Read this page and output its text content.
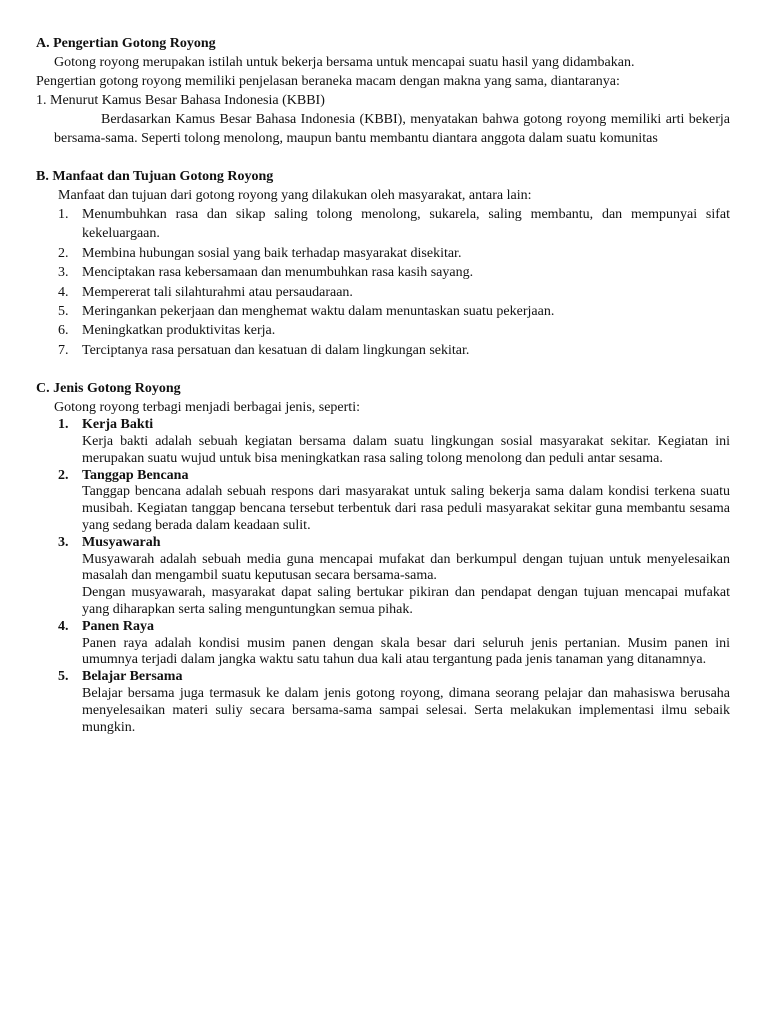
A. Pengertian Gotong Royong

Gotong royong merupakan istilah untuk bekerja bersama untuk mencapai suatu hasil yang didambakan.

Pengertian gotong royong memiliki penjelasan beraneka macam dengan makna yang sama, diantaranya:

1. Menurut Kamus Besar Bahasa Indonesia (KBBI)

Berdasarkan Kamus Besar Bahasa Indonesia (KBBI), menyatakan bahwa gotong royong memiliki arti bekerja bersama-sama. Seperti tolong menolong, maupun bantu membantu diantara anggota dalam suatu komunitas

B. Manfaat dan Tujuan Gotong Royong

Manfaat dan tujuan dari gotong royong yang dilakukan oleh masyarakat, antara lain:

1. Menumbuhkan rasa dan sikap saling tolong menolong, sukarela, saling membantu, dan mempunyai sifat kekeluargaan.
2. Membina hubungan sosial yang baik terhadap masyarakat disekitar.
3. Menciptakan rasa kebersamaan dan menumbuhkan rasa kasih sayang.
4. Mempererat tali silahturahmi atau persaudaraan.
5. Meringankan pekerjaan dan menghemat waktu dalam menuntaskan suatu pekerjaan.
6. Meningkatkan produktivitas kerja.
7. Terciptanya rasa persatuan dan kesatuan di dalam lingkungan sekitar.
C. Jenis Gotong Royong

Gotong royong terbagi menjadi berbagai jenis, seperti:

1. Kerja Bakti
Kerja bakti adalah sebuah kegiatan bersama dalam suatu lingkungan sosial masyarakat sekitar. Kegiatan ini merupakan suatu wujud untuk bisa meningkatkan rasa saling tolong menolong dan peduli antar sesama.
2. Tanggap Bencana
Tanggap bencana adalah sebuah respons dari masyarakat untuk saling bekerja sama dalam kondisi terkena suatu musibah. Kegiatan tanggap bencana tersebut terbentuk dari rasa peduli masyarakat sekitar guna membantu sesama yang sedang berada dalam keadaan sulit.
3. Musyawarah
Musyawarah adalah sebuah media guna mencapai mufakat dan berkumpul dengan tujuan untuk menyelesaikan masalah dan mengambil suatu keputusan secara bersama-sama.
Dengan musyawarah, masyarakat dapat saling bertukar pikiran dan pendapat dengan tujuan mencapai mufakat yang diharapkan serta saling menguntungkan semua pihak.
4. Panen Raya
Panen raya adalah kondisi musim panen dengan skala besar dari seluruh jenis pertanian. Musim panen ini umumnya terjadi dalam jangka waktu satu tahun dua kali atau tergantung pada jenis tanaman yang ditanamnya.
5. Belajar Bersama
Belajar bersama juga termasuk ke dalam jenis gotong royong, dimana seorang pelajar dan mahasiswa berusaha menyelesaikan materi suliy secara bersama-sama sampai selesai. Serta melakukan implementasi ilmu sebaik mungkin.
